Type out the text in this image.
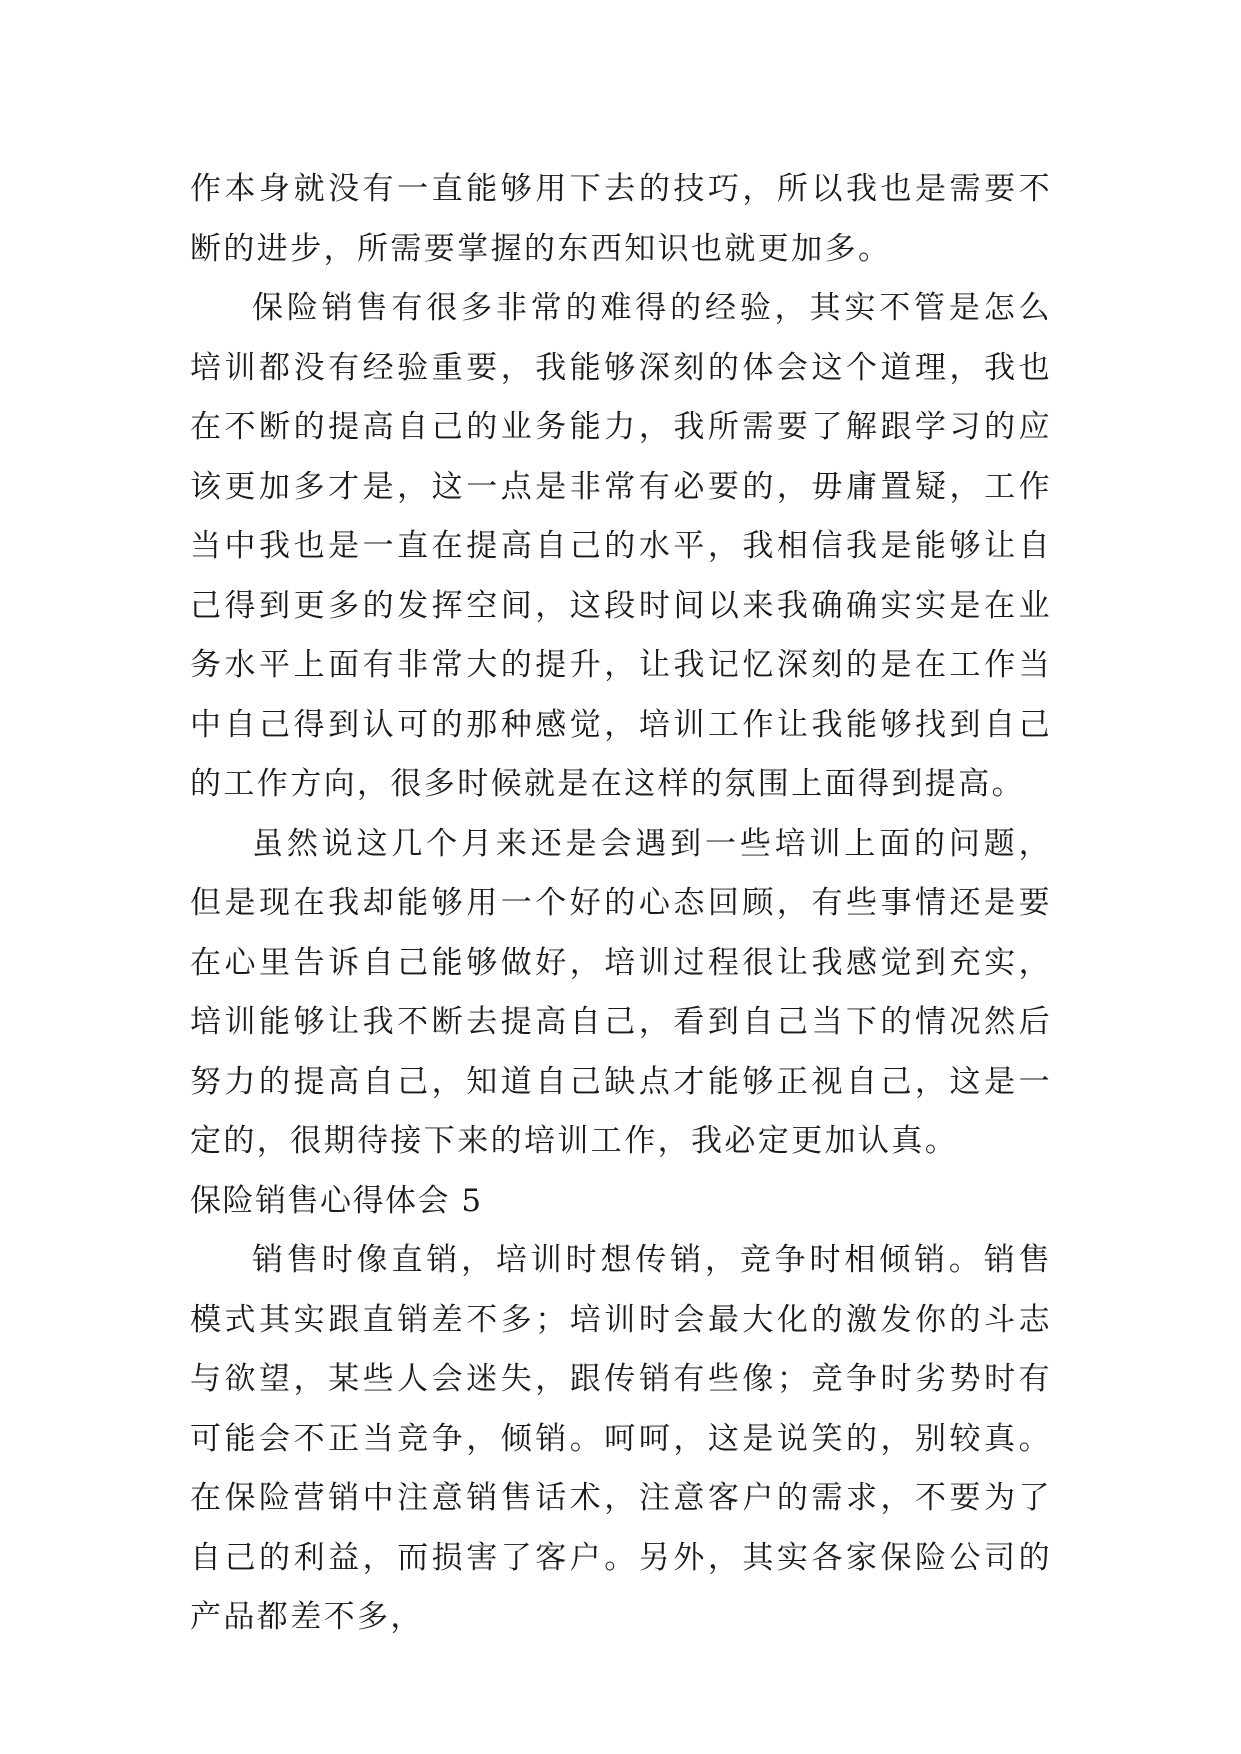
作本身就没有一直能够用下去的技巧，所以我也是需要不断的进步，所需要掌握的东西知识也就更加多。

保险销售有很多非常的难得的经验，其实不管是怎么培训都没有经验重要，我能够深刻的体会这个道理，我也在不断的提高自己的业务能力，我所需要了解跟学习的应该更加多才是，这一点是非常有必要的，毋庸置疑，工作当中我也是一直在提高自己的水平，我相信我是能够让自己得到更多的发挥空间，这段时间以来我确确实实是在业务水平上面有非常大的提升，让我记忆深刻的是在工作当中自己得到认可的那种感觉，培训工作让我能够找到自己的工作方向，很多时候就是在这样的氛围上面得到提高。

虽然说这几个月来还是会遇到一些培训上面的问题，但是现在我却能够用一个好的心态回顾，有些事情还是要在心里告诉自己能够做好，培训过程很让我感觉到充实，培训能够让我不断去提高自己，看到自己当下的情况然后努力的提高自己，知道自己缺点才能够正视自己，这是一定的，很期待接下来的培训工作，我必定更加认真。

保险销售心得体会 5

销售时像直销，培训时想传销，竞争时相倾销。销售模式其实跟直销差不多；培训时会最大化的激发你的斗志与欲望，某些人会迷失，跟传销有些像；竞争时劣势时有可能会不正当竞争，倾销。呵呵，这是说笑的，别较真。在保险营销中注意销售话术，注意客户的需求，不要为了自己的利益，而损害了客户。另外，其实各家保险公司的产品都差不多，
